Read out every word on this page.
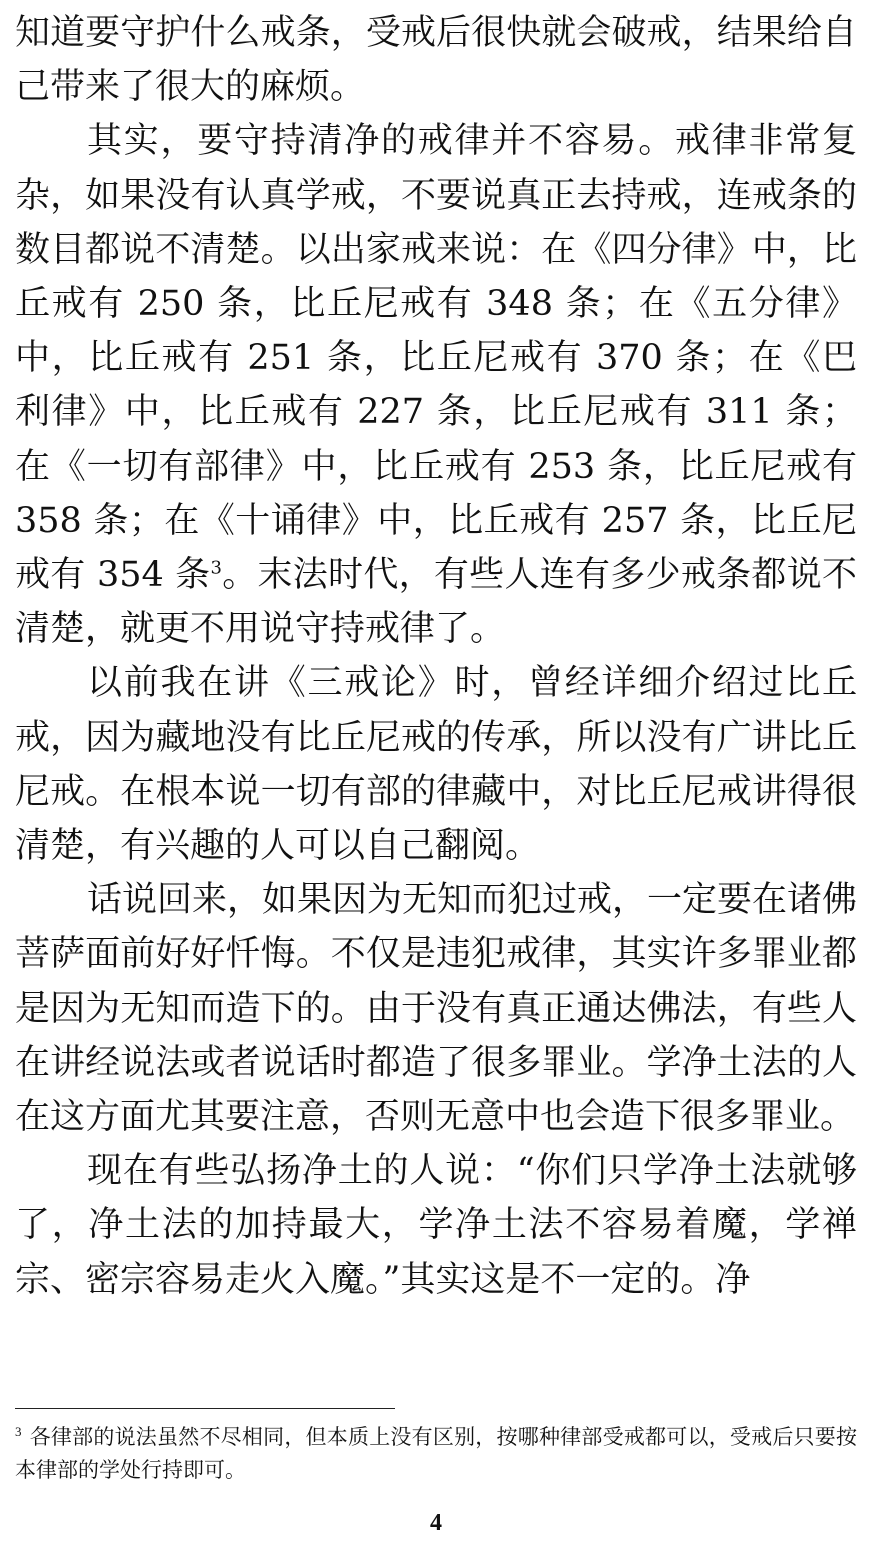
知道要守护什么戒条，受戒后很快就会破戒，结果给自己带来了很大的麻烦。

其实，要守持清净的戒律并不容易。戒律非常复杂，如果没有认真学戒，不要说真正去持戒，连戒条的数目都说不清楚。以出家戒来说：在《四分律》中，比丘戒有 250 条，比丘尼戒有 348 条；在《五分律》中，比丘戒有 251 条，比丘尼戒有 370 条；在《巴利律》中，比丘戒有 227 条，比丘尼戒有 311 条；在《一切有部律》中，比丘戒有 253 条，比丘尼戒有 358 条；在《十诵律》中，比丘戒有 257 条，比丘尼戒有 354 条$^3$。末法时代，有些人连有多少戒条都说不清楚，就更不用说守持戒律了。

以前我在讲《三戒论》时，曾经详细介绍过比丘戒，因为藏地没有比丘尼戒的传承，所以没有广讲比丘尼戒。在根本说一切有部的律藏中，对比丘尼戒讲得很清楚，有兴趣的人可以自己翻阅。

话说回来，如果因为无知而犯过戒，一定要在诸佛菩萨面前好好忏悔。不仅是违犯戒律，其实许多罪业都是因为无知而造下的。由于没有真正通达佛法，有些人在讲经说法或者说话时都造了很多罪业。学净土法的人在这方面尤其要注意，否则无意中也会造下很多罪业。

现在有些弘扬净土的人说：“你们只学净土法就够了，净土法的加持最大，学净土法不容易着魔，学禅宗、密宗容易走火入魔。”其实这是不一定的。净

$^3$ 各律部的说法虽然不尽相同，但本质上没有区别，按哪种律部受戒都可以，受戒后只要按本律部的学处行持即可。

4
